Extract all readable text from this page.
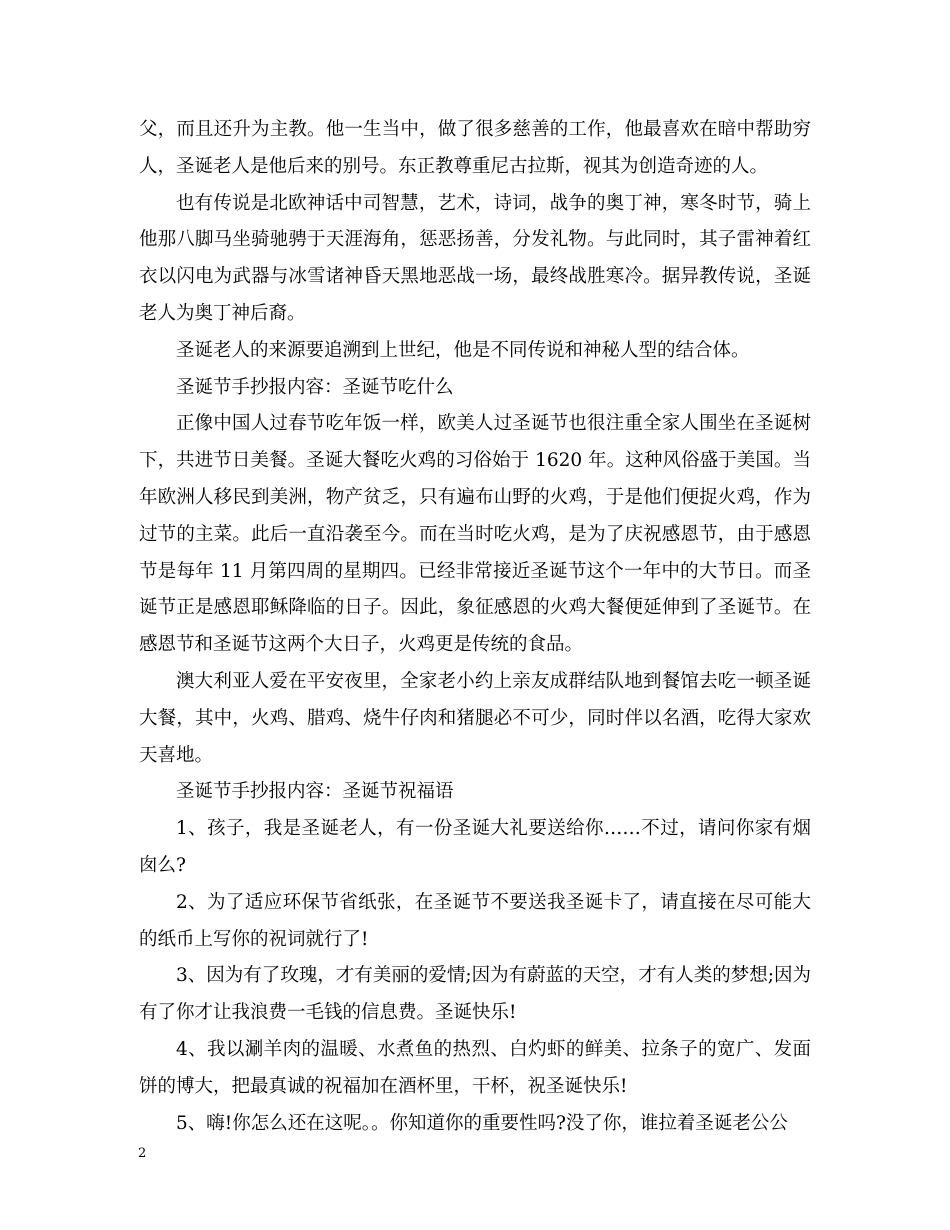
父，而且还升为主教。他一生当中，做了很多慈善的工作，他最喜欢在暗中帮助穷人，圣诞老人是他后来的别号。东正教尊重尼古拉斯，视其为创造奇迹的人。

也有传说是北欧神话中司智慧，艺术，诗词，战争的奥丁神，寒冬时节，骑上他那八脚马坐骑驰骋于天涯海角，惩恶扬善，分发礼物。与此同时，其子雷神着红衣以闪电为武器与冰雪诸神昏天黑地恶战一场，最终战胜寒冷。据异教传说，圣诞老人为奥丁神后裔。

圣诞老人的来源要追溯到上世纪，他是不同传说和神秘人型的结合体。

圣诞节手抄报内容：圣诞节吃什么

正像中国人过春节吃年饭一样，欧美人过圣诞节也很注重全家人围坐在圣诞树下，共进节日美餐。圣诞大餐吃火鸡的习俗始于 1620 年。这种风俗盛于美国。当年欧洲人移民到美洲，物产贫乏，只有遍布山野的火鸡，于是他们便捉火鸡，作为过节的主菜。此后一直沿袭至今。而在当时吃火鸡，是为了庆祝感恩节，由于感恩节是每年 11 月第四周的星期四。已经非常接近圣诞节这个一年中的大节日。而圣诞节正是感恩耶稣降临的日子。因此，象征感恩的火鸡大餐便延伸到了圣诞节。在感恩节和圣诞节这两个大日子，火鸡更是传统的食品。

澳大利亚人爱在平安夜里，全家老小约上亲友成群结队地到餐馆去吃一顿圣诞大餐，其中，火鸡、腊鸡、烧牛仔肉和猪腿必不可少，同时伴以名酒，吃得大家欢天喜地。

圣诞节手抄报内容：圣诞节祝福语

1、孩子，我是圣诞老人，有一份圣诞大礼要送给你……不过，请问你家有烟囱么?

2、为了适应环保节省纸张，在圣诞节不要送我圣诞卡了，请直接在尽可能大的纸币上写你的祝词就行了!

3、因为有了玫瑰，才有美丽的爱情;因为有蔚蓝的天空，才有人类的梦想;因为有了你才让我浪费一毛钱的信息费。圣诞快乐!

4、我以涮羊肉的温暖、水煮鱼的热烈、白灼虾的鲜美、拉条子的宽广、发面饼的博大，把最真诚的祝福加在酒杯里，干杯，祝圣诞快乐!

5、嗨!你怎么还在这呢。。你知道你的重要性吗?没了你，谁拉着圣诞老公公

2
